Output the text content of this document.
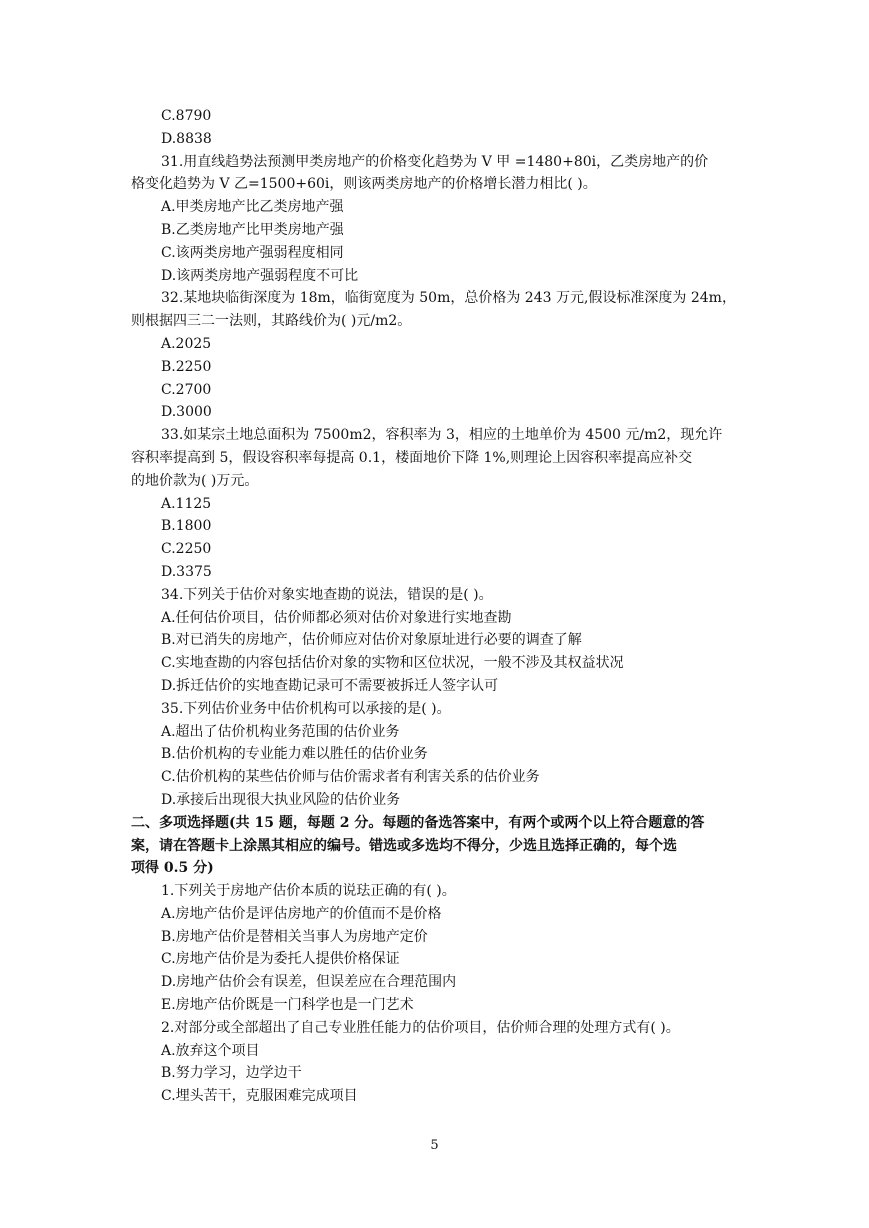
C.8790
D.8838
31.用直线趋势法预测甲类房地产的价格变化趋势为 V 甲 =1480+80i，乙类房地产的价
格变化趋势为 V 乙=1500+60i，则该两类房地产的价格增长潜力相比( )。
A.甲类房地产比乙类房地产强
B.乙类房地产比甲类房地产强
C.该两类房地产强弱程度相同
D.该两类房地产强弱程度不可比
32.某地块临街深度为 18m，临街宽度为 50m，总价格为 243 万元,假设标准深度为 24m，
则根据四三二一法则，其路线价为( )元/m2。
A.2025
B.2250
C.2700
D.3000
33.如某宗土地总面积为 7500m2，容积率为 3，相应的土地单价为 4500 元/m2，现允许
容积率提高到 5，假设容积率每提高 0.1，楼面地价下降 1%,则理论上因容积率提高应补交
的地价款为( )万元。
A.1125
B.1800
C.2250
D.3375
34.下列关于估价对象实地查勘的说法，错误的是( )。
A.任何估价项目，估价师都必须对估价对象进行实地查勘
B.对已消失的房地产，估价师应对估价对象原址进行必要的调查了解
C.实地查勘的内容包括估价对象的实物和区位状况，一般不涉及其权益状况
D.拆迁估价的实地查勘记录可不需要被拆迁人签字认可
35.下列估价业务中估价机构可以承接的是( )。
A.超出了估价机构业务范围的估价业务
B.估价机构的专业能力难以胜任的估价业务
C.估价机构的某些估价师与估价需求者有利害关系的估价业务
D.承接后出现很大执业风险的估价业务
二、多项选择题(共 15 题，每题 2 分。每题的备选答案中，有两个或两个以上符合题意的答
案，请在答题卡上涂黑其相应的编号。错选或多选均不得分，少选且选择正确的，每个选
项得 0.5 分)
1.下列关于房地产估价本质的说珐正确的有( )。
A.房地产估价是评估房地产的价值而不是价格
B.房地产估价是替相关当事人为房地产定价
C.房地产估价是为委托人提供价格保证
D.房地产估价会有误差，但误差应在合理范围内
E.房地产估价既是一门科学也是一门艺术
2.对部分或全部超出了自己专业胜任能力的估价项目，估价师合理的处理方式有( )。
A.放弃这个项目
B.努力学习，边学边干
C.埋头苦干，克服困难完成项目
5
